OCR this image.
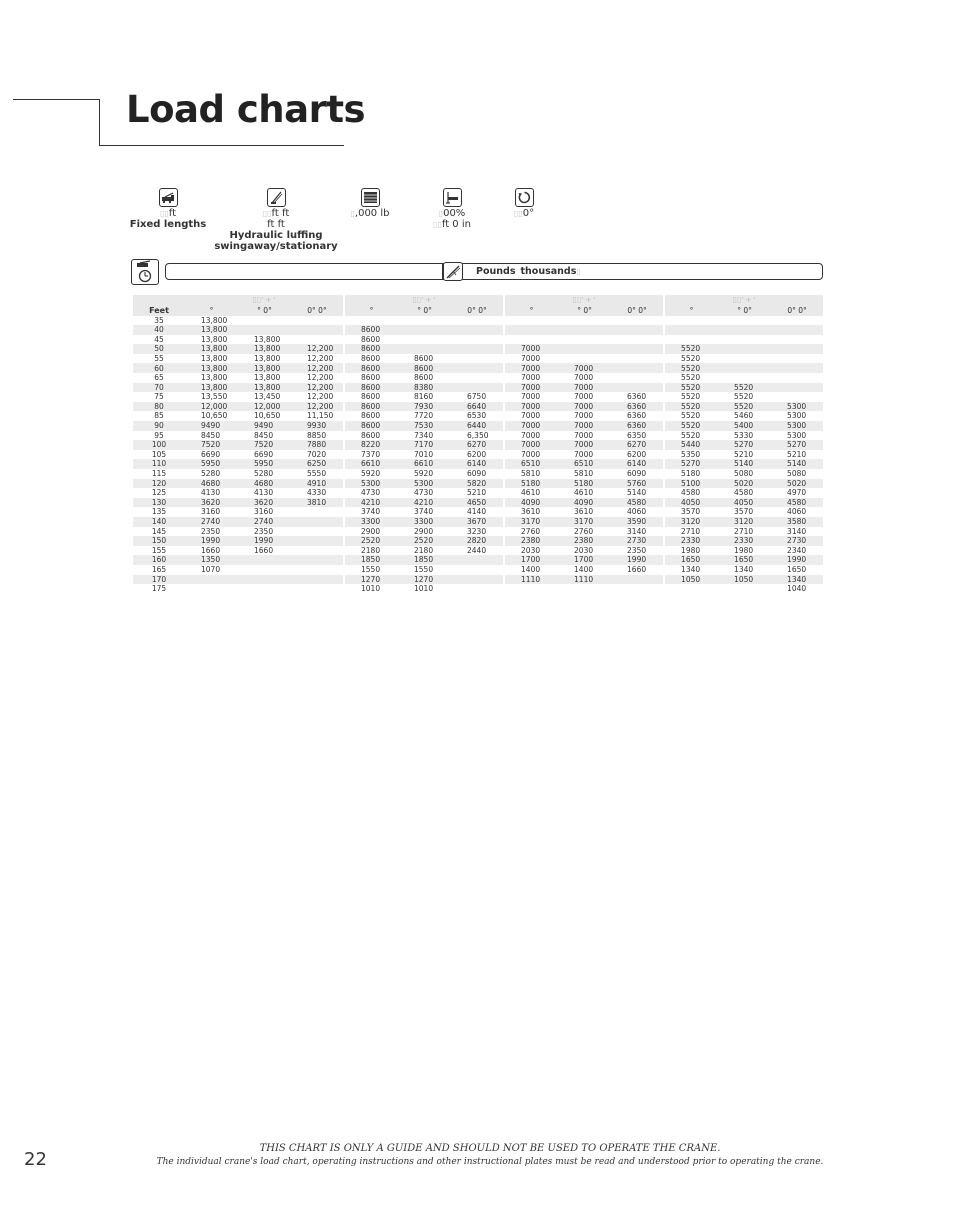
Load charts
▯▯ft
Fixed lengths
▯▯ft ft
ft ft
Hydraulic luffing
swingaway/stationary
▯,000 lb	▯00%
▯▯ft 0 in
▯▯0°
Pounds thousands▯
	▯▯' + '				▯▯' + '				▯▯' + '				▯▯' + '		
Feet	°	° 0°	0° 0°		°	° 0°	0° 0°		°	° 0°	0° 0°		°	° 0°	0° 0°
35	13,800														
40	13,800				8600										
45	13,800	13,800			8600										
50	13,800	13,800	12,200		8600				7000				5520		
55	13,800	13,800	12,200		8600	8600			7000				5520		
60	13,800	13,800	12,200		8600	8600			7000	7000			5520		
65	13,800	13,800	12,200		8600	8600			7000	7000			5520		
70	13,800	13,800	12,200		8600	8380			7000	7000			5520	5520	
75	13,550	13,450	12,200		8600	8160	6750		7000	7000	6360		5520	5520	
80	12,000	12,000	12,200		8600	7930	6640		7000	7000	6360		5520	5520	5300
85	10,650	10,650	11,150		8600	7720	6530		7000	7000	6360		5520	5460	5300
90	9490	9490	9930		8600	7530	6440		7000	7000	6360		5520	5400	5300
95	8450	8450	8850		8600	7340	6,350		7000	7000	6350		5520	5330	5300
100	7520	7520	7880		8220	7170	6270		7000	7000	6270		5440	5270	5270
105	6690	6690	7020		7370	7010	6200		7000	7000	6200		5350	5210	5210
110	5950	5950	6250		6610	6610	6140		6510	6510	6140		5270	5140	5140
115	5280	5280	5550		5920	5920	6090		5810	5810	6090		5180	5080	5080
120	4680	4680	4910		5300	5300	5820		5180	5180	5760		5100	5020	5020
125	4130	4130	4330		4730	4730	5210		4610	4610	5140		4580	4580	4970
130	3620	3620	3810		4210	4210	4650		4090	4090	4580		4050	4050	4580
135	3160	3160			3740	3740	4140		3610	3610	4060		3570	3570	4060
140	2740	2740			3300	3300	3670		3170	3170	3590		3120	3120	3580
145	2350	2350			2900	2900	3230		2760	2760	3140		2710	2710	3140
150	1990	1990			2520	2520	2820		2380	2380	2730		2330	2330	2730
155	1660	1660			2180	2180	2440		2030	2030	2350		1980	1980	2340
160	1350				1850	1850			1700	1700	1990		1650	1650	1990
165	1070				1550	1550			1400	1400	1660		1340	1340	1650
170					1270	1270			1110	1110			1050	1050	1340
175					1010	1010									1040
22
THIS CHART IS ONLY A GUIDE AND SHOULD NOT BE USED TO OPERATE THE CRANE.
The individual crane's load chart, operating instructions and other instructional plates must be read and understood prior to operating the crane.
